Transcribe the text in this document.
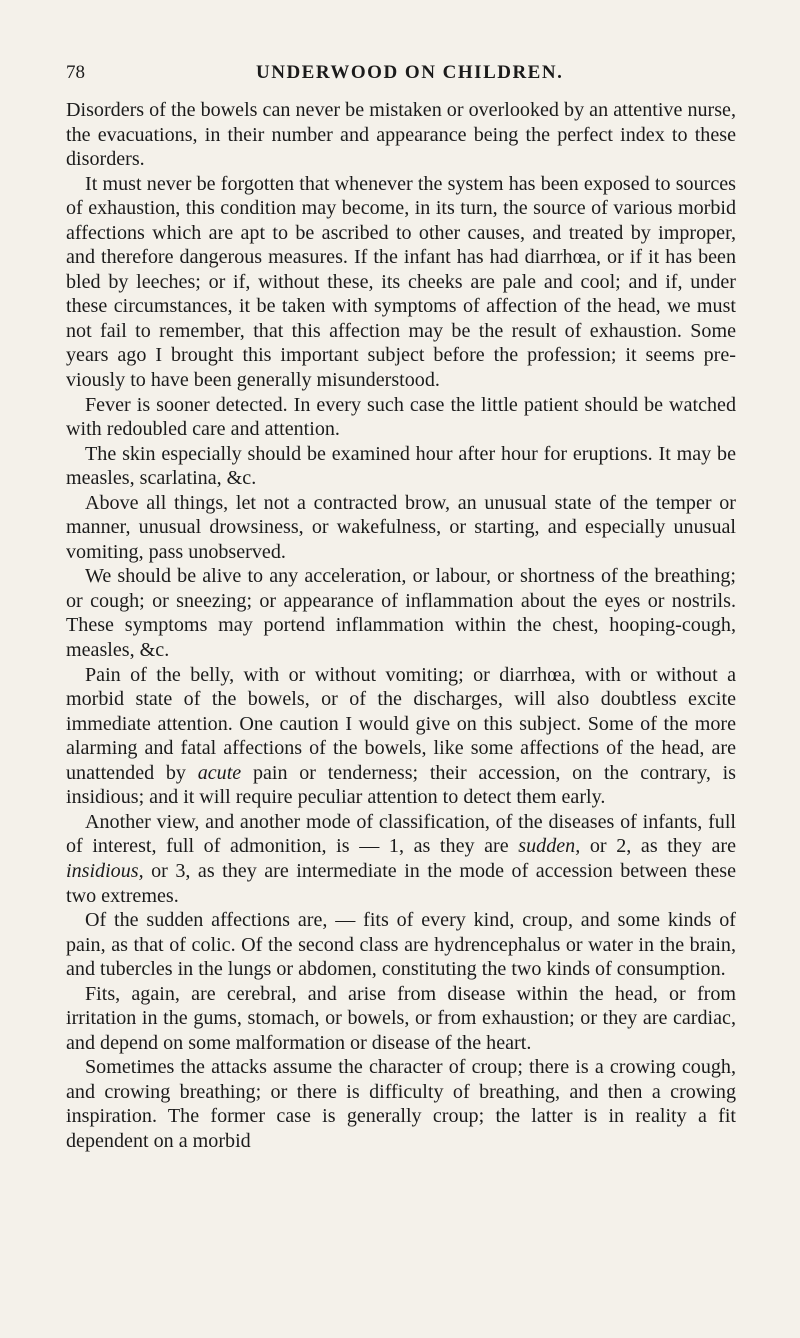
78	UNDERWOOD ON CHILDREN.

Disorders of the bowels can never be mistaken or overlooked by an attentive nurse, the evacuations, in their number and appearance being the perfect index to these disorders.

It must never be forgotten that whenever the system has been exposed to sources of exhaustion, this condition may become, in its turn, the source of various morbid affections which are apt to be ascribed to other causes, and treated by improper, and therefore dangerous measures. If the infant has had diarrhœa, or if it has been bled by leeches; or if, without these, its cheeks are pale and cool; and if, under these circumstances, it be taken with symptoms of affection of the head, we must not fail to remember, that this affection may be the result of exhaustion. Some years ago I brought this important subject before the profession; it seems previously to have been generally misunderstood.

Fever is sooner detected. In every such case the little patient should be watched with redoubled care and attention.

The skin especially should be examined hour after hour for eruptions. It may be measles, scarlatina, &c.

Above all things, let not a contracted brow, an unusual state of the temper or manner, unusual drowsiness, or wakefulness, or starting, and especially unusual vomiting, pass unobserved.

We should be alive to any acceleration, or labour, or shortness of the breathing; or cough; or sneezing; or appearance of inflammation about the eyes or nostrils. These symptoms may portend inflammation within the chest, hooping-cough, measles, &c.

Pain of the belly, with or without vomiting; or diarrhœa, with or without a morbid state of the bowels, or of the discharges, will also doubtless excite immediate attention. One caution I would give on this subject. Some of the more alarming and fatal affections of the bowels, like some affections of the head, are unattended by acute pain or tenderness; their accession, on the contrary, is insidious; and it will require peculiar attention to detect them early.

Another view, and another mode of classification, of the diseases of infants, full of interest, full of admonition, is — 1, as they are sudden, or 2, as they are insidious, or 3, as they are intermediate in the mode of accession between these two extremes.

Of the sudden affections are, — fits of every kind, croup, and some kinds of pain, as that of colic. Of the second class are hydrencephalus or water in the brain, and tubercles in the lungs or abdomen, constituting the two kinds of consumption.

Fits, again, are cerebral, and arise from disease within the head, or from irritation in the gums, stomach, or bowels, or from exhaustion; or they are cardiac, and depend on some malformation or disease of the heart.

Sometimes the attacks assume the character of croup; there is a crowing cough, and crowing breathing; or there is difficulty of breathing, and then a crowing inspiration. The former case is generally croup; the latter is in reality a fit dependent on a morbid
